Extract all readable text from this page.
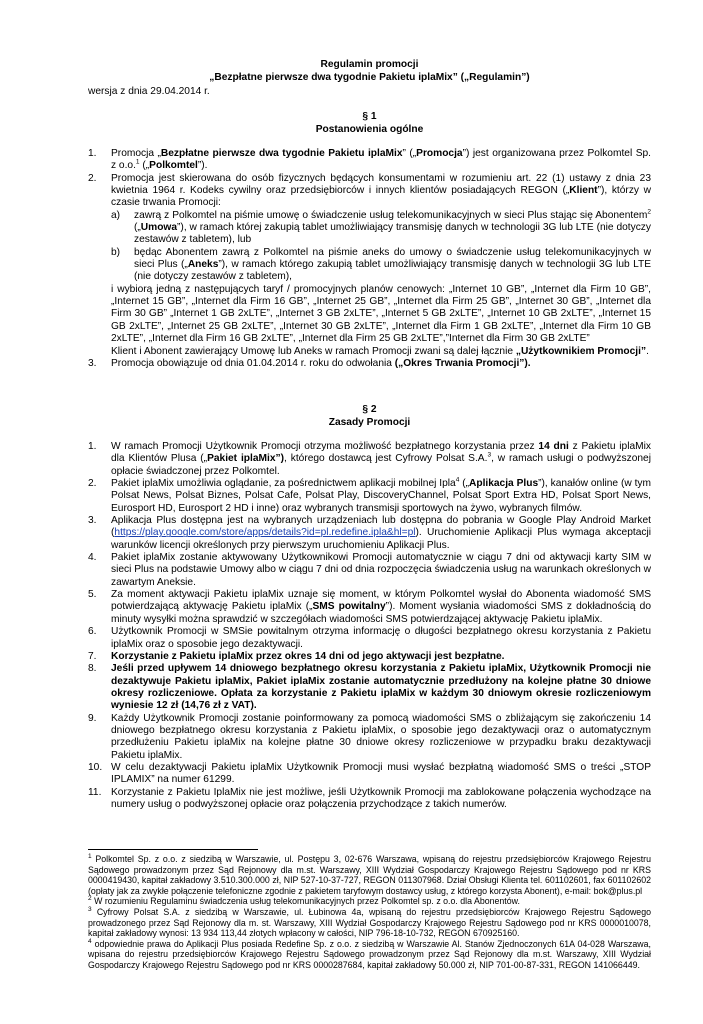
Regulamin promocji
„Bezpłatne pierwsze dwa tygodnie Pakietu iplaMix” („Regulamin”)
wersja z dnia 29.04.2014 r.
§ 1
Postanowienia ogólne
1. Promocja „Bezpłatne pierwsze dwa tygodnie Pakietu iplaMix” („Promocja”) jest organizowana przez Polkomtel Sp. z o.o.$^1$ („Polkomtel”).
2. Promocja jest skierowana do osób fizycznych będących konsumentami w rozumieniu art. 22 (1) ustawy z dnia 23 kwietnia 1964 r. Kodeks cywilny oraz przedsiębiorców i innych klientów posiadających REGON („Klient”), którzy w czasie trwania Promocji:
a) zawrą z Polkomtel na piśmie umowę o świadczenie usług telekomunikacyjnych w sieci Plus stając się Abonentem$^2$ („Umowa”), w ramach której zakupią tablet umożliwiający transmisję danych w technologii 3G lub LTE (nie dotyczy zestawów z tabletem), lub
b) będąc Abonentem zawrą z Polkomtel na piśmie aneks do umowy o świadczenie usług telekomunikacyjnych w sieci Plus („Aneks”), w ramach którego zakupią tablet umożliwiający transmisję danych w technologii 3G lub LTE (nie dotyczy zestawów z tabletem),
i wybiorą jedną z następujących taryf / promocyjnych planów cenowych: „Internet 10 GB”, „Internet dla Firm 10 GB”, „Internet 15 GB”, „Internet dla Firm 16 GB”, „Internet 25 GB”, „Internet dla Firm 25 GB”, „Internet 30 GB”, „Internet dla Firm 30 GB” „Internet 1 GB 2xLTE”, „Internet 3 GB 2xLTE”, „Internet 5 GB 2xLTE”, „Internet 10 GB 2xLTE”, „Internet 15 GB 2xLTE”, „Internet 25 GB 2xLTE”, „Internet 30 GB 2xLTE”, „Internet dla Firm 1 GB 2xLTE”, „Internet dla Firm 10 GB 2xLTE”, „Internet dla Firm 16 GB 2xLTE”, „Internet dla Firm 25 GB 2xLTE”,”Internet dla Firm 30 GB 2xLTE”
Klient i Abonent zawierający Umowę lub Aneks w ramach Promocji zwani są dalej łącznie „Użytkownikiem Promocji”.
3. Promocja obowiązuje od dnia 01.04.2014 r. roku do odwołania („Okres Trwania Promocji”).
§ 2
Zasady Promocji
1. W ramach Promocji Użytkownik Promocji otrzyma możliwość bezpłatnego korzystania przez 14 dni z Pakietu iplaMix dla Klientów Plusa („Pakiet iplaMix”), którego dostawcą jest Cyfrowy Polsat S.A.$^3$, w ramach usługi o podwyższonej opłacie świadczonej przez Polkomtel.
2. Pakiet iplaMix umożliwia oglądanie, za pośrednictwem aplikacji mobilnej Ipla$^4$ („Aplikacja Plus”), kanałów online (w tym Polsat News, Polsat Biznes, Polsat Cafe, Polsat Play, DiscoveryChannel, Polsat Sport Extra HD, Polsat Sport News, Eurosport HD, Eurosport 2 HD i inne) oraz wybranych transmisji sportowych na żywo, wybranych filmów.
3. Aplikacja Plus dostępna jest na wybranych urządzeniach lub dostępna do pobrania w Google Play Android Market (https://play.google.com/store/apps/details?id=pl.redefine.ipla&hl=pl). Uruchomienie Aplikacji Plus wymaga akceptacji warunków licencji określonych przy pierwszym uruchomieniu Aplikacji Plus.
4. Pakiet iplaMix zostanie aktywowany Użytkownikowi Promocji automatycznie w ciągu 7 dni od aktywacji karty SIM w sieci Plus na podstawie Umowy albo w ciągu 7 dni od dnia rozpoczęcia świadczenia usług na warunkach określonych w zawartym Aneksie.
5. Za moment aktywacji Pakietu iplaMix uznaje się moment, w którym Polkomtel wysłał do Abonenta wiadomość SMS potwierdzającą aktywację Pakietu iplaMix („SMS powitalny”). Moment wysłania wiadomości SMS z dokładnością do minuty wysyłki można sprawdzić w szczegółach wiadomości SMS potwierdzającej aktywację Pakietu iplaMix.
6. Użytkownik Promocji w SMSie powitalnym otrzyma informację o długości bezpłatnego okresu korzystania z Pakietu iplaMix oraz o sposobie jego dezaktywacji.
7. Korzystanie z Pakietu iplaMix przez okres 14 dni od jego aktywacji jest bezpłatne.
8. Jeśli przed upływem 14 dniowego bezpłatnego okresu korzystania z Pakietu iplaMix, Użytkownik Promocji nie dezaktywuje Pakietu iplaMix, Pakiet iplaMix zostanie automatycznie przedłużony na kolejne płatne 30 dniowe okresy rozliczeniowe. Opłata za korzystanie z Pakietu iplaMix w każdym 30 dniowym okresie rozliczeniowym wyniesie 12 zł (14,76 zł z VAT).
9. Każdy Użytkownik Promocji zostanie poinformowany za pomocą wiadomości SMS o zbliżającym się zakończeniu 14 dniowego bezpłatnego okresu korzystania z Pakietu iplaMix, o sposobie jego dezaktywacji oraz o automatycznym przedłużeniu Pakietu iplaMix na kolejne płatne 30 dniowe okresy rozliczeniowe w przypadku braku dezaktywacji Pakietu iplaMix.
10. W celu dezaktywacji Pakietu iplaMix Użytkownik Promocji musi wysłać bezpłatną wiadomość SMS o treści „STOP IPLAMIX” na numer 61299.
11. Korzystanie z Pakietu IplaMix nie jest możliwe, jeśli Użytkownik Promocji ma zablokowane połączenia wychodzące na numery usług o podwyższonej opłacie oraz połączenia przychodzące z takich numerów.
$^1$ Polkomtel Sp. z o.o. z siedzibą w Warszawie, ul. Postępu 3, 02-676 Warszawa, wpisaną do rejestru przedsiębiorców Krajowego Rejestru Sądowego prowadzonym przez Sąd Rejonowy dla m.st. Warszawy, XIII Wydział Gospodarczy Krajowego Rejestru Sądowego pod nr KRS 0000419430, kapitał zakładowy 3.510.300.000 zł, NIP 527-10-37-727, REGON 011307968. Dział Obsługi Klienta tel. 601102601, fax 601102602 (opłaty jak za zwykłe połączenie telefoniczne zgodnie z pakietem taryfowym dostawcy usług, z którego korzysta Abonent), e-mail: bok@plus.pl
$^2$ W rozumieniu Regulaminu świadczenia usług telekomunikacyjnych przez Polkomtel sp. z o.o. dla Abonentów.
$^3$ Cyfrowy Polsat S.A. z siedzibą w Warszawie, ul. Łubinowa 4a, wpisaną do rejestru przedsiębiorców Krajowego Rejestru Sądowego prowadzonego przez Sąd Rejonowy dla m. st. Warszawy, XIII Wydział Gospodarczy Krajowego Rejestru Sądowego pod nr KRS 0000010078, kapitał zakładowy wynosi: 13 934 113,44 złotych wpłacony w całości, NIP 796-18-10-732, REGON 670925160.
$^4$ odpowiednie prawa do Aplikacji Plus posiada Redefine Sp. z o.o. z siedzibą w Warszawie Al. Stanów Zjednoczonych 61A 04-028 Warszawa, wpisana do rejestru przedsiębiorców Krajowego Rejestru Sądowego prowadzonym przez Sąd Rejonowy dla m.st. Warszawy, XIII Wydział Gospodarczy Krajowego Rejestru Sądowego pod nr KRS 0000287684, kapitał zakładowy 50.000 zł, NIP 701-00-87-331, REGON 141066449.
